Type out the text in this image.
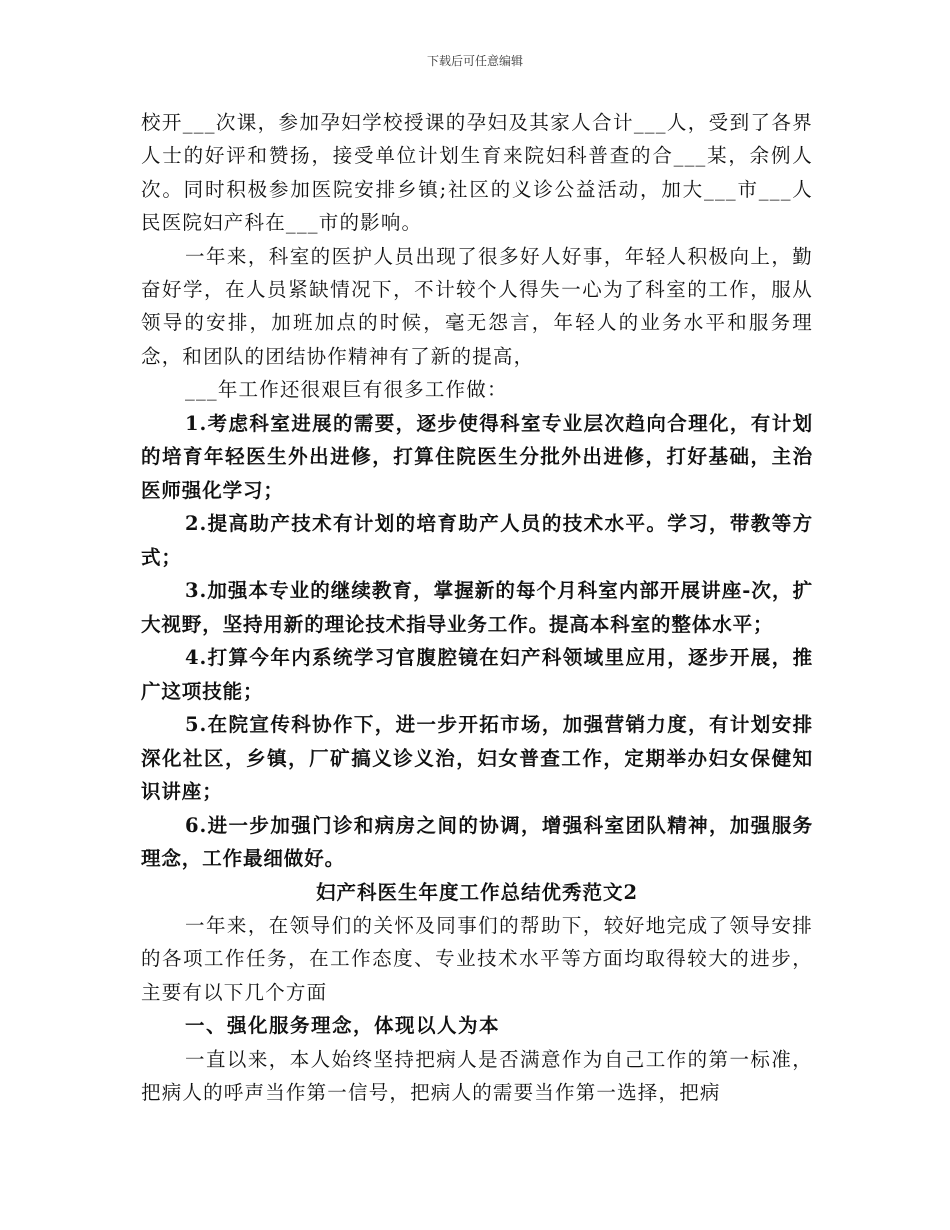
下载后可任意编辑

校开___次课，参加孕妇学校授课的孕妇及其家人合计___人，受到了各界人士的好评和赞扬，接受单位计划生育来院妇科普查的合___某，余例人次。同时积极参加医院安排乡镇;社区的义诊公益活动，加大___市___人民医院妇产科在___市的影响。

一年来，科室的医护人员出现了很多好人好事，年轻人积极向上，勤奋好学，在人员紧缺情况下，不计较个人得失一心为了科室的工作，服从领导的安排，加班加点的时候，毫无怨言，年轻人的业务水平和服务理念，和团队的团结协作精神有了新的提高，

___年工作还很艰巨有很多工作做：

1.考虑科室进展的需要，逐步使得科室专业层次趋向合理化，有计划的培育年轻医生外出进修，打算住院医生分批外出进修，打好基础，主治医师强化学习；
2.提高助产技术有计划的培育助产人员的技术水平。学习，带教等方式；
3.加强本专业的继续教育，掌握新的每个月科室内部开展讲座-次，扩大视野，坚持用新的理论技术指导业务工作。提高本科室的整体水平；
4.打算今年内系统学习官腹腔镜在妇产科领域里应用，逐步开展，推广这项技能；
5.在院宣传科协作下，进一步开拓市场，加强营销力度，有计划安排深化社区，乡镇，厂矿搞义诊义治，妇女普查工作，定期举办妇女保健知识讲座；
6.进一步加强门诊和病房之间的协调，增强科室团队精神，加强服务理念，工作最细做好。
妇产科医生年度工作总结优秀范文2

一年来，在领导们的关怀及同事们的帮助下，较好地完成了领导安排的各项工作任务，在工作态度、专业技术水平等方面均取得较大的进步，主要有以下几个方面

一、强化服务理念，体现以人为本

一直以来，本人始终坚持把病人是否满意作为自己工作的第一标准，把病人的呼声当作第一信号，把病人的需要当作第一选择，把病
